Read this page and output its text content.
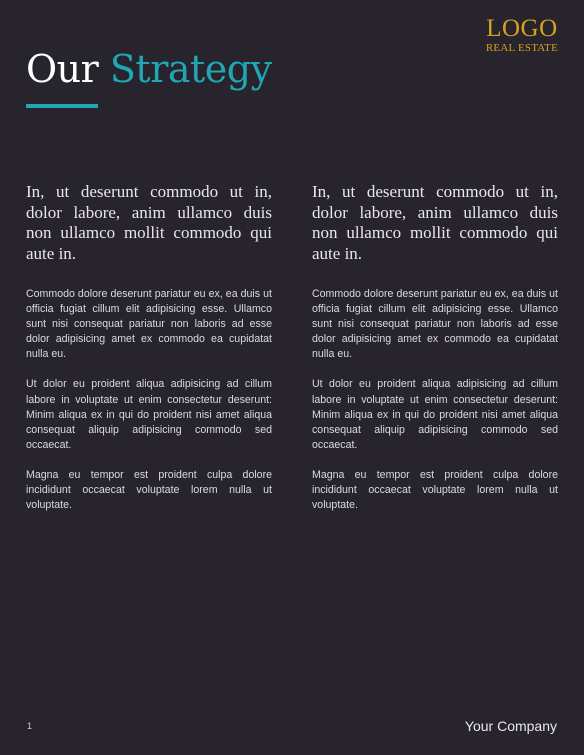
LOGO
REAL ESTATE
Our Strategy

In, ut deserunt commodo ut in, dolor labore, anim ullamco duis non ullamco mollit commodo qui aute in.

Commodo dolore deserunt pariatur eu ex, ea duis ut officia fugiat cillum elit adipisicing esse. Ullamco sunt nisi consequat pariatur non laboris ad esse dolor adipisicing amet ex commodo ea cupidatat nulla eu.

Ut dolor eu proident aliqua adipisicing ad cillum labore in voluptate ut enim consectetur deserunt: Minim aliqua ex in qui do proident nisi amet aliqua consequat aliquip adipisicing commodo sed occaecat.

Magna eu tempor est proident culpa dolore incididunt occaecat voluptate lorem nulla ut voluptate.

In, ut deserunt commodo ut in, dolor labore, anim ullamco duis non ullamco mollit commodo qui aute in.

Commodo dolore deserunt pariatur eu ex, ea duis ut officia fugiat cillum elit adipisicing esse. Ullamco sunt nisi consequat pariatur non laboris ad esse dolor adipisicing amet ex commodo ea cupidatat nulla eu.

Ut dolor eu proident aliqua adipisicing ad cillum labore in voluptate ut enim consectetur deserunt: Minim aliqua ex in qui do proident nisi amet aliqua consequat aliquip adipisicing commodo sed occaecat.

Magna eu tempor est proident culpa dolore incididunt occaecat voluptate lorem nulla ut voluptate.

1	Your Company
